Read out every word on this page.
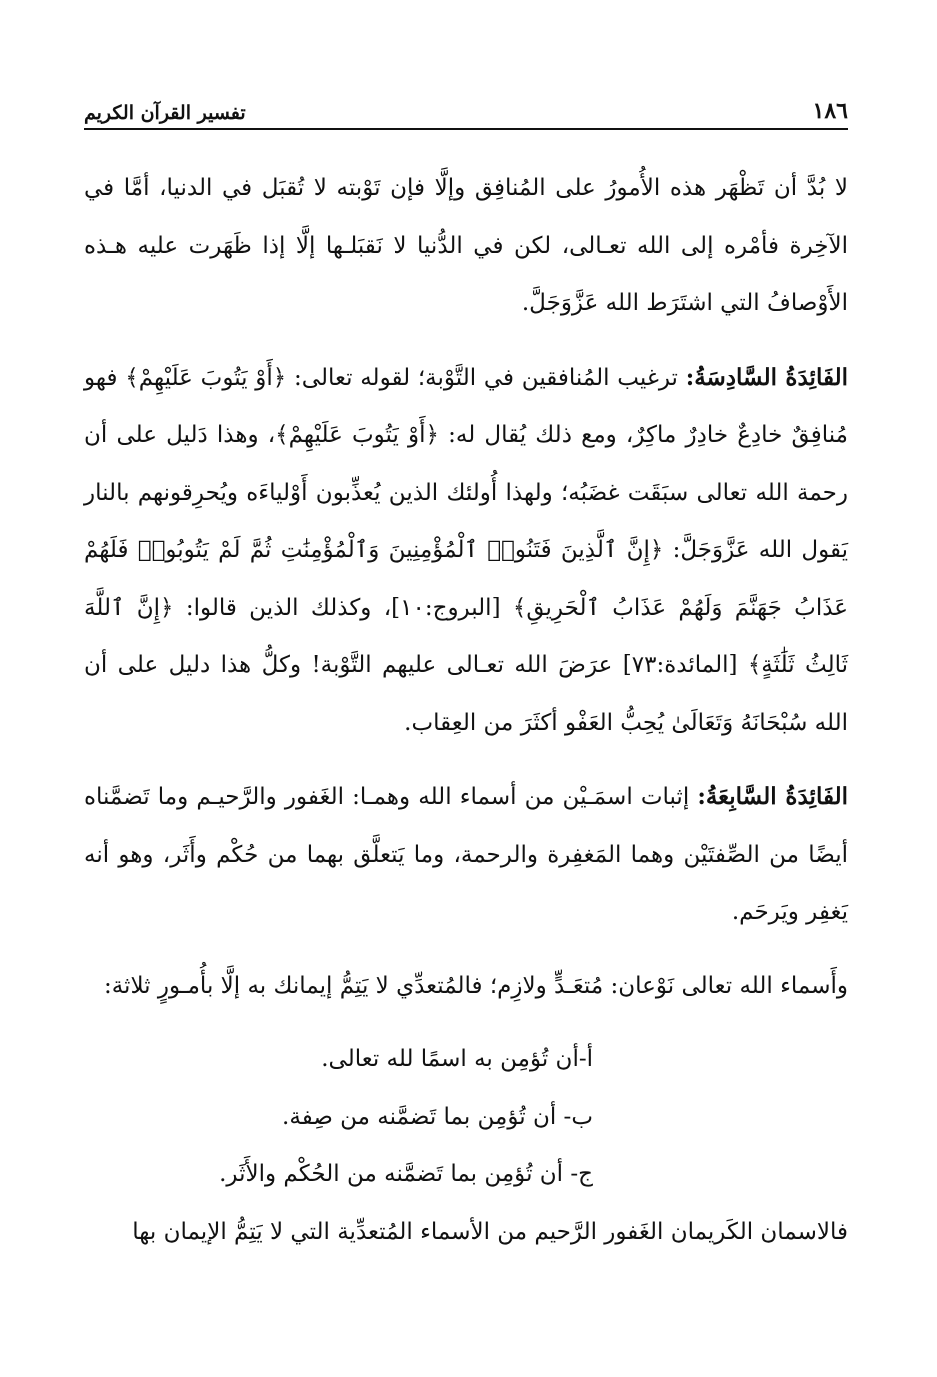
١٨٦
تفسير القرآن الكريم

لا بُدَّ أن تَظْهَر هذه الأُمورُ على المُنافِق وإلَّا فإن تَوْبته لا تُقبَل في الدنيا، أمَّا في الآخِرة فأمْره إلى الله تعـالى، لكن في الدُّنيا لا نَقبَلـها إلَّا إذا ظَهَرت عليه هـذه الأَوْصافُ التي اشتَرَط الله عَزَّوَجَلَّ.

الفَائِدَةُ السَّادِسَةُ: ترغيب المُنافقين في التَّوْبة؛ لقوله تعالى: ﴿أَوْ يَتُوبَ عَلَيْهِمْ﴾ فهو مُنافِقٌ خادِعٌ خادِرٌ ماكِرٌ، ومع ذلك يُقال له: ﴿أَوْ يَتُوبَ عَلَيْهِمْ﴾، وهذا دَليل على أن رحمة الله تعالى سبَقَت غضَبُه؛ ولهذا أُولئك الذين يُعذِّبون أَوْلياءَه ويُحرِقونهم بالنار يَقول الله عَزَّوَجَلَّ: ﴿إِنَّ ٱلَّذِينَ فَتَنُوا۟ ٱلْمُؤْمِنِينَ وَٱلْمُؤْمِنَٰتِ ثُمَّ لَمْ يَتُوبُوا۟ فَلَهُمْ عَذَابُ جَهَنَّمَ وَلَهُمْ عَذَابُ ٱلْحَرِيقِ﴾ [البروج:١٠]، وكذلك الذين قالوا: ﴿إِنَّ ٱللَّهَ ثَالِثُ ثَلَٰثَةٍ﴾ [المائدة:٧٣] عرَضَ الله تعـالى عليهم التَّوْبة! وكلُّ هذا دليل على أن الله سُبْحَانَهُ وَتَعَالَىٰ يُحِبُّ العَفْو أكثَرَ من العِقاب.

الفَائِدَةُ السَّابِعَةُ: إثبات اسمَـيْن من أسماء الله وهمـا: الغَفور والرَّحيـم وما تَضمَّناه أيضًا من الصِّفتَيْن وهما المَغفِرة والرحمة، وما يَتعلَّق بهما من حُكْم وأَثَر، وهو أنه يَغفِر ويَرحَم.

وأَسماء الله تعالى نَوْعان: مُتعَـدٍّ ولازِم؛ فالمُتعدِّي لا يَتِمُّ إيمانك به إلَّا بأُمـورٍ ثلاثة:

أ-أن تُؤمِن به اسمًا لله تعالى.

ب- أن تُؤمِن بما تَضمَّنه من صِفة.

ج- أن تُؤمِن بما تَضمَّنه من الحُكْم والأَثَر.

فالاسمان الكَريمان الغَفور الرَّحيم من الأسماء المُتعدِّية التي لا يَتِمُّ الإيمان بها
